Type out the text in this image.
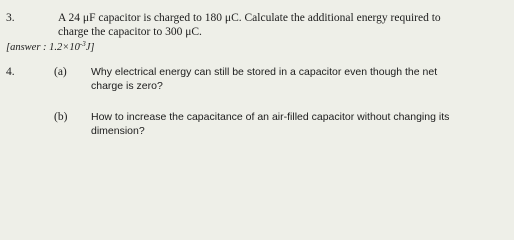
3.	A 24 μF capacitor is charged to 180 μC. Calculate the additional energy required to
charge the capacitor to 300 μC.
[answer : $1.2\times 10^{-3}J$]
4.	(a) Why electrical energy can still be stored in a capacitor even though the net
charge is zero?
(b) How to increase the capacitance of an air-filled capacitor without changing its
dimension?
